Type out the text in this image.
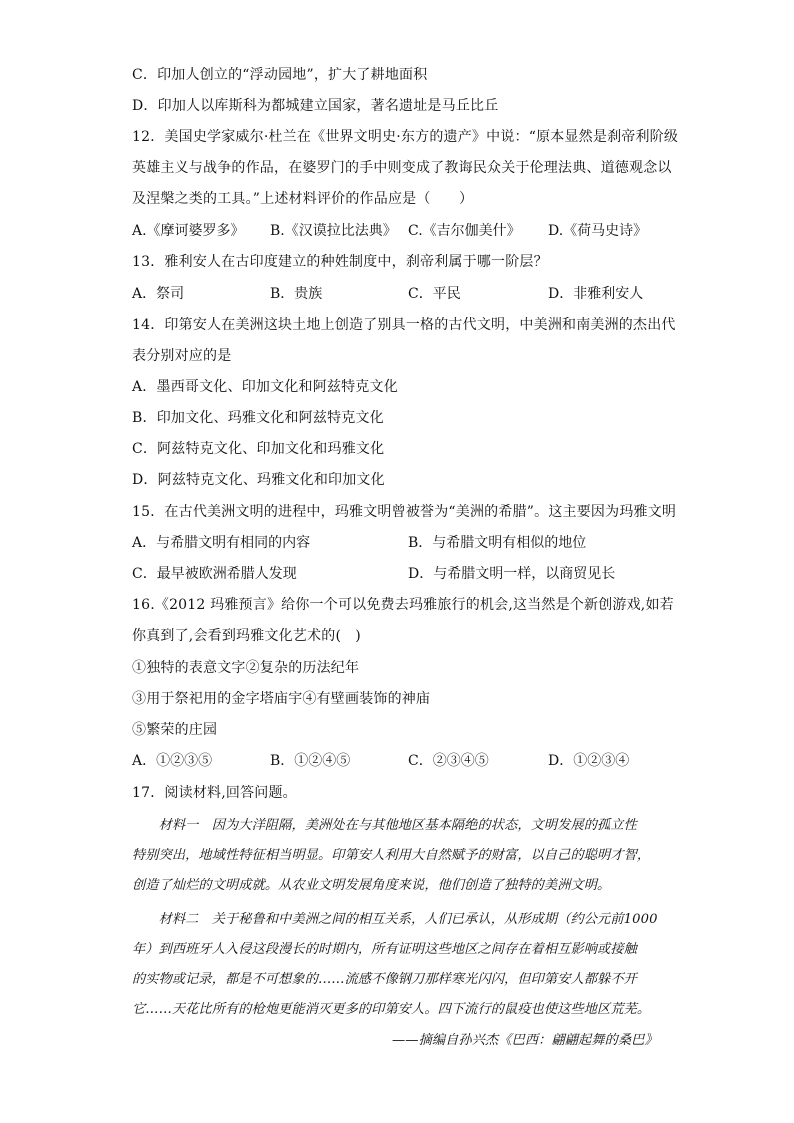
C．印加人创立的“浮动园地”，扩大了耕地面积
D．印加人以库斯科为都城建立国家，著名遗址是马丘比丘
12．美国史学家威尔·杜兰在《世界文明史·东方的遗产》中说：“原本显然是刹帝利阶级
英雄主义与战争的作品，在婆罗门的手中则变成了教诲民众关于伦理法典、道德观念以
及涅槃之类的工具。”上述材料评价的作品应是（　　）
A.《摩诃婆罗多》 B.《汉谟拉比法典》 C.《吉尔伽美什》 D.《荷马史诗》
13．雅利安人在古印度建立的种姓制度中，刹帝利属于哪一阶层？
A．祭司	B．贵族	C．平民	D．非雅利安人
14．印第安人在美洲这块土地上创造了别具一格的古代文明，中美洲和南美洲的杰出代
表分别对应的是
A．墨西哥文化、印加文化和阿兹特克文化
B．印加文化、玛雅文化和阿兹特克文化
C．阿兹特克文化、印加文化和玛雅文化
D．阿兹特克文化、玛雅文化和印加文化
15．在古代美洲文明的进程中，玛雅文明曾被誉为“美洲的希腊”。这主要因为玛雅文明
A．与希腊文明有相同的内容	B．与希腊文明有相似的地位
C．最早被欧洲希腊人发现	D．与希腊文明一样，以商贸见长
16.《2012 玛雅预言》给你一个可以免费去玛雅旅行的机会,这当然是个新创游戏,如若
你真到了,会看到玛雅文化艺术的(　)
①独特的表意文字②复杂的历法纪年
③用于祭祀用的金字塔庙宇④有壁画装饰的神庙
⑤繁荣的庄园
A．①②③⑤	B．①②④⑤	C．②③④⑤	D．①②③④
17．阅读材料,回答问题。
　　材料一　因为大洋阻隔，美洲处在与其他地区基本隔绝的状态，文明发展的孤立性
特别突出，地域性特征相当明显。印第安人利用大自然赋予的财富，以自己的聪明才智，
创造了灿烂的文明成就。从农业文明发展角度来说，他们创造了独特的美洲文明。
　　材料二　关于秘鲁和中美洲之间的相互关系，人们已承认，从形成期（约公元前1000
年）到西班牙人入侵这段漫长的时期内，所有证明这些地区之间存在着相互影响或接触
的实物或记录，都是不可想象的……流感不像钢刀那样寒光闪闪，但印第安人都躲不开
它……天花比所有的枪炮更能消灭更多的印第安人。四下流行的鼠疫也使这些地区荒芜。
——摘编自孙兴杰《巴西：翩翩起舞的桑巴》
